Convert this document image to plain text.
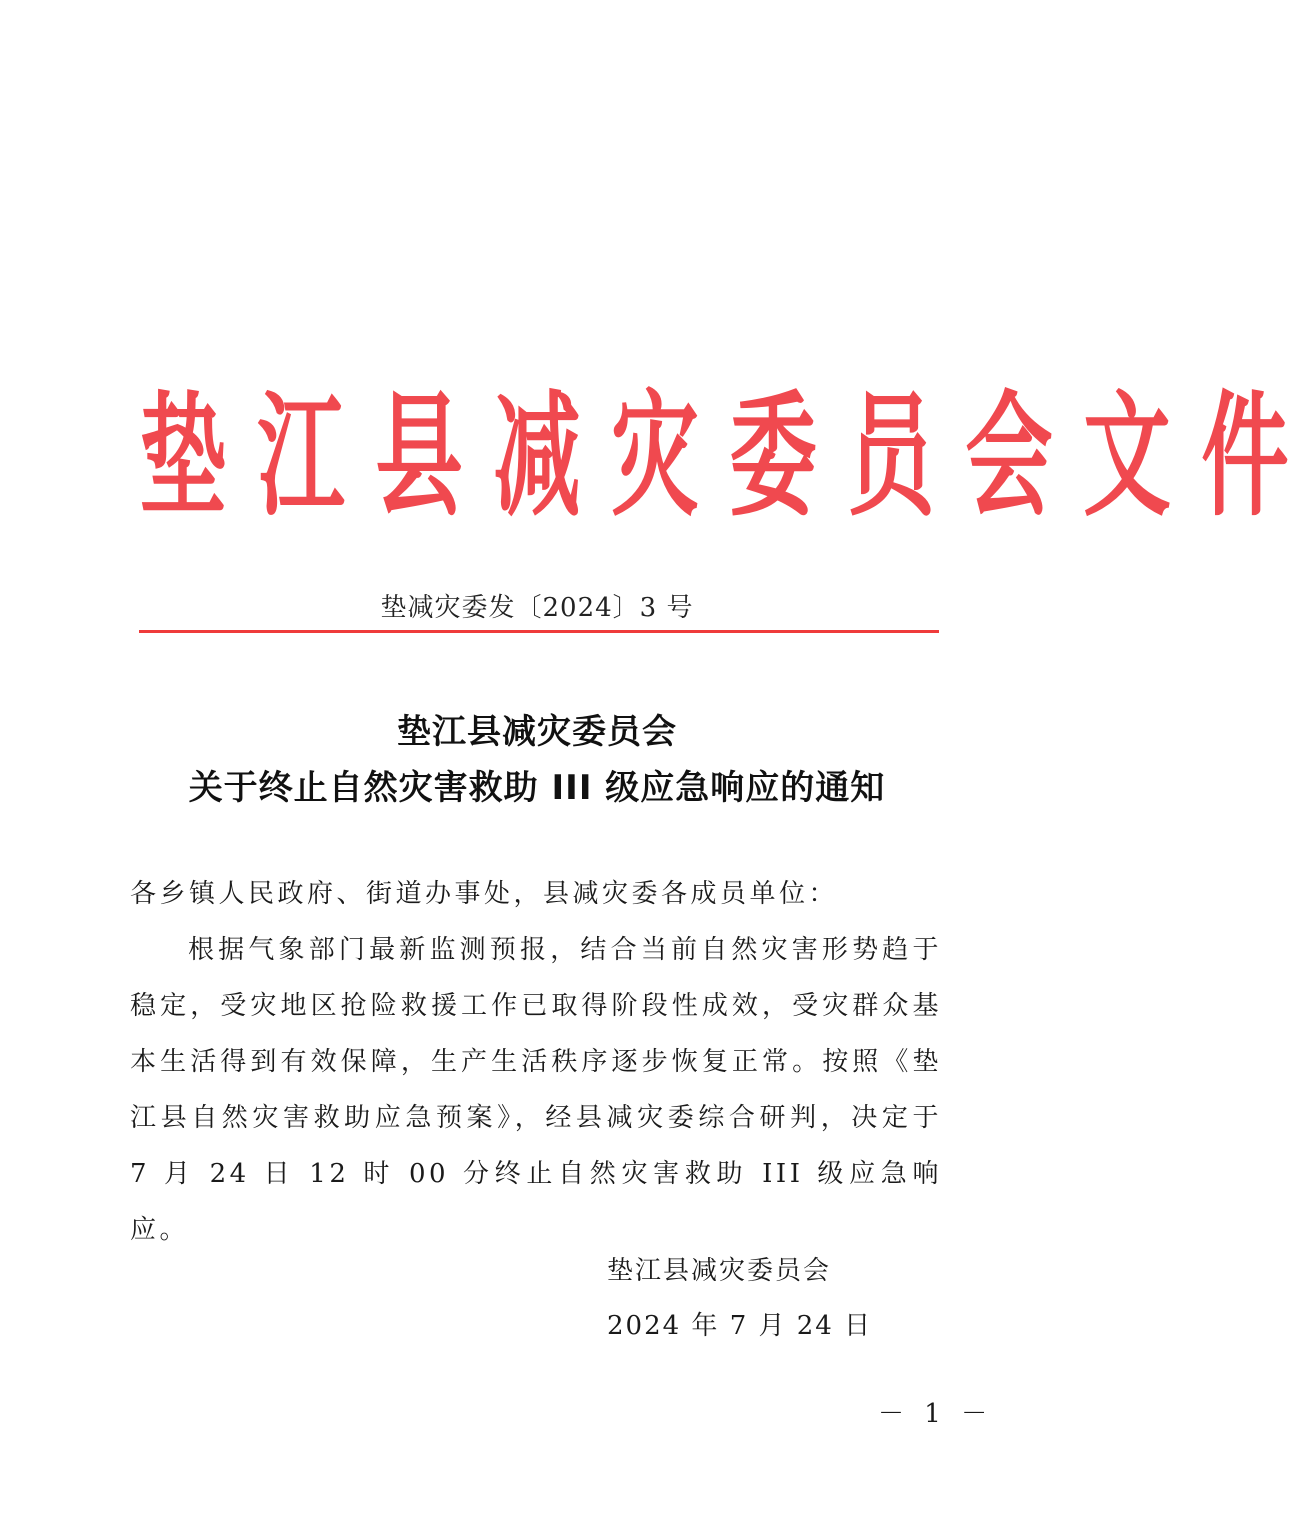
垫 江 县 减 灾 委 员 会 文 件
垫减灾委发〔2024〕3 号
垫江县减灾委员会
关于终止自然灾害救助 III 级应急响应的通知
各乡镇人民政府、街道办事处，县减灾委各成员单位：
根据气象部门最新监测预报，结合当前自然灾害形势趋于稳定，受灾地区抢险救援工作已取得阶段性成效，受灾群众基本生活得到有效保障，生产生活秩序逐步恢复正常。按照《垫江县自然灾害救助应急预案》，经县减灾委综合研判，决定于 7 月 24 日 12 时 00 分终止自然灾害救助 III 级应急响应。
垫江县减灾委员会
2024 年 7 月 24 日
－ 1 －
